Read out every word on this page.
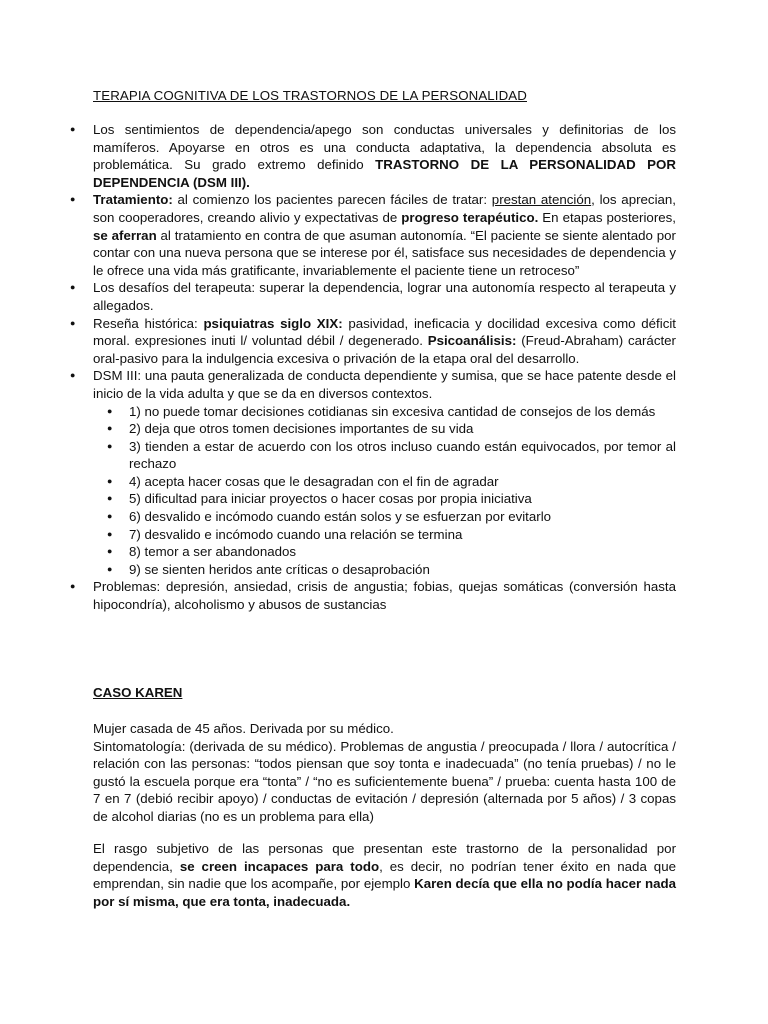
TERAPIA COGNITIVA DE LOS TRASTORNOS DE LA PERSONALIDAD
● Los sentimientos de dependencia/apego son conductas universales y definitorias de los mamíferos. Apoyarse en otros es una conducta adaptativa, la dependencia absoluta es problemática. Su grado extremo definido TRASTORNO DE LA PERSONALIDAD POR DEPENDENCIA (DSM III).
● Tratamiento: al comienzo los pacientes parecen fáciles de tratar: prestan atención, los aprecian, son cooperadores, creando alivio y expectativas de progreso terapéutico. En etapas posteriores, se aferran al tratamiento en contra de que asuman autonomía. “El paciente se siente alentado por contar con una nueva persona que se interese por él, satisface sus necesidades de dependencia y le ofrece una vida más gratificante, invariablemente el paciente tiene un retroceso”
● Los desafíos del terapeuta: superar la dependencia, lograr una autonomía respecto al terapeuta y allegados.
● Reseña histórica: psiquiatras siglo XIX: pasividad, ineficacia y docilidad excesiva como déficit moral. expresiones inuti l/ voluntad débil / degenerado. Psicoanálisis: (Freud-Abraham) carácter oral-pasivo para la indulgencia excesiva o privación de la etapa oral del desarrollo.
● DSM III: una pauta generalizada de conducta dependiente y sumisa, que se hace patente desde el inicio de la vida adulta y que se da en diversos contextos.
● 1) no puede tomar decisiones cotidianas sin excesiva cantidad de consejos de los demás
● 2) deja que otros tomen decisiones importantes de su vida
● 3) tienden a estar de acuerdo con los otros incluso cuando están equivocados, por temor al rechazo
● 4) acepta hacer cosas que le desagradan con el fin de agradar
● 5) dificultad para iniciar proyectos o hacer cosas por propia iniciativa
● 6) desvalido e incómodo cuando están solos y se esfuerzan por evitarlo
● 7) desvalido e incómodo cuando una relación se termina
● 8) temor a ser abandonados
● 9) se sienten heridos ante críticas o desaprobación
● Problemas: depresión, ansiedad, crisis de angustia; fobias, quejas somáticas (conversión hasta hipocondría), alcoholismo y abusos de sustancias
CASO KAREN
Mujer casada de 45 años. Derivada por su médico.
Sintomatología: (derivada de su médico). Problemas de angustia / preocupada / llora / autocrítica / relación con las personas: “todos piensan que soy tonta e inadecuada” (no tenía pruebas) / no le gustó la escuela porque era “tonta” / “no es suficientemente buena” / prueba: cuenta hasta 100 de 7 en 7 (debió recibir apoyo) / conductas de evitación / depresión (alternada por 5 años) / 3 copas de alcohol diarias (no es un problema para ella)
El rasgo subjetivo de las personas que presentan este trastorno de la personalidad por dependencia, se creen incapaces para todo, es decir, no podrían tener éxito en nada que emprendan, sin nadie que los acompañe, por ejemplo Karen decía que ella no podía hacer nada por sí misma, que era tonta, inadecuada.
